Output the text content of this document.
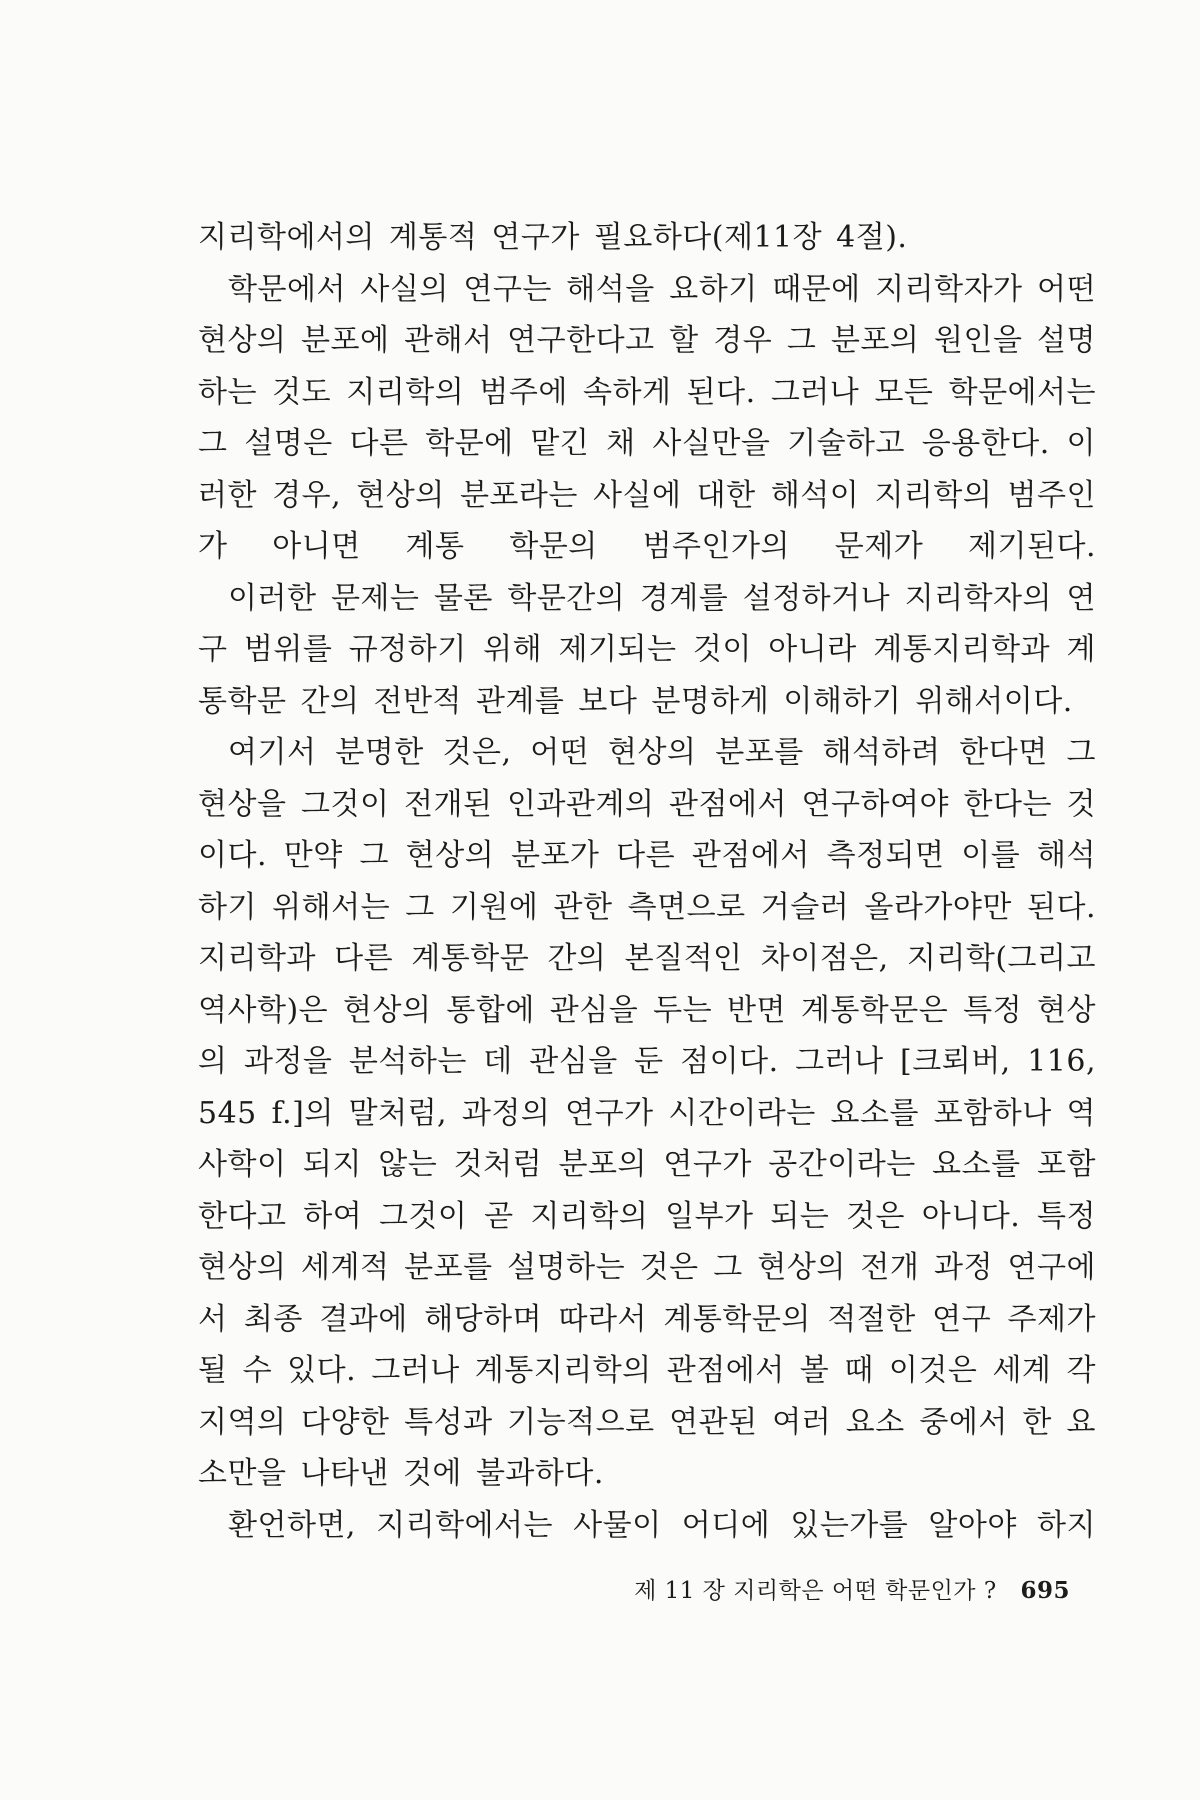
지리학에서의 계통적 연구가 필요하다(제11장 4절).

학문에서 사실의 연구는 해석을 요하기 때문에 지리학자가 어떤 현상의 분포에 관해서 연구한다고 할 경우 그 분포의 원인을 설명하는 것도 지리학의 범주에 속하게 된다. 그러나 모든 학문에서는 그 설명은 다른 학문에 맡긴 채 사실만을 기술하고 응용한다. 이러한 경우, 현상의 분포라는 사실에 대한 해석이 지리학의 범주인가 아니면 계통 학문의 범주인가의 문제가 제기된다.

이러한 문제는 물론 학문간의 경계를 설정하거나 지리학자의 연구 범위를 규정하기 위해 제기되는 것이 아니라 계통지리학과 계통학문 간의 전반적 관계를 보다 분명하게 이해하기 위해서이다.

여기서 분명한 것은, 어떤 현상의 분포를 해석하려 한다면 그 현상을 그것이 전개된 인과관계의 관점에서 연구하여야 한다는 것이다. 만약 그 현상의 분포가 다른 관점에서 측정되면 이를 해석하기 위해서는 그 기원에 관한 측면으로 거슬러 올라가야만 된다. 지리학과 다른 계통학문 간의 본질적인 차이점은, 지리학(그리고 역사학)은 현상의 통합에 관심을 두는 반면 계통학문은 특정 현상의 과정을 분석하는 데 관심을 둔 점이다. 그러나 [크뢰버, 116, 545 f.]의 말처럼, 과정의 연구가 시간이라는 요소를 포함하나 역사학이 되지 않는 것처럼 분포의 연구가 공간이라는 요소를 포함한다고 하여 그것이 곧 지리학의 일부가 되는 것은 아니다. 특정 현상의 세계적 분포를 설명하는 것은 그 현상의 전개 과정 연구에서 최종 결과에 해당하며 따라서 계통학문의 적절한 연구 주제가 될 수 있다. 그러나 계통지리학의 관점에서 볼 때 이것은 세계 각 지역의 다양한 특성과 기능적으로 연관된 여러 요소 중에서 한 요소만을 나타낸 것에 불과하다.

환언하면, 지리학에서는 사물이 어디에 있는가를 알아야 하지

제 11 장 지리학은 어떤 학문인가 ? 695
